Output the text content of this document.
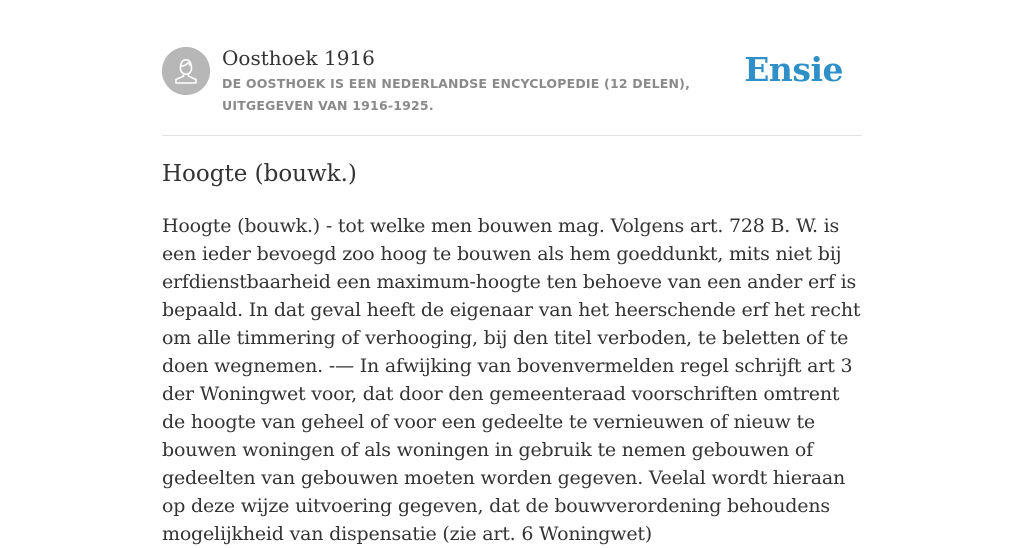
Oosthoek 1916

DE OOSTHOEK IS EEN NEDERLANDSE ENCYCLOPEDIE (12 DELEN), UITGEGEVEN VAN 1916-1925.

Ensie
Hoogte (bouwk.)

Hoogte (bouwk.) - tot welke men bouwen mag. Volgens art. 728 B. W. is een ieder bevoegd zoo hoog te bouwen als hem goeddunkt, mits niet bij erfdienstbaarheid een maximum-hoogte ten behoeve van een ander erf is bepaald. In dat geval heeft de eigenaar van het heerschende erf het recht om alle timmering of verhooging, bij den titel verboden, te beletten of te doen wegnemen. -— In afwijking van bovenvermelden regel schrijft art 3 der Woningwet voor, dat door den gemeenteraad voorschriften omtrent de hoogte van geheel of voor een gedeelte te vernieuwen of nieuw te bouwen woningen of als woningen in gebruik te nemen gebouwen of gedeelten van gebouwen moeten worden gegeven. Veelal wordt hieraan op deze wijze uitvoering gegeven, dat de bouwverordening behoudens mogelijkheid van dispensatie (zie art. 6 Woningwet)
